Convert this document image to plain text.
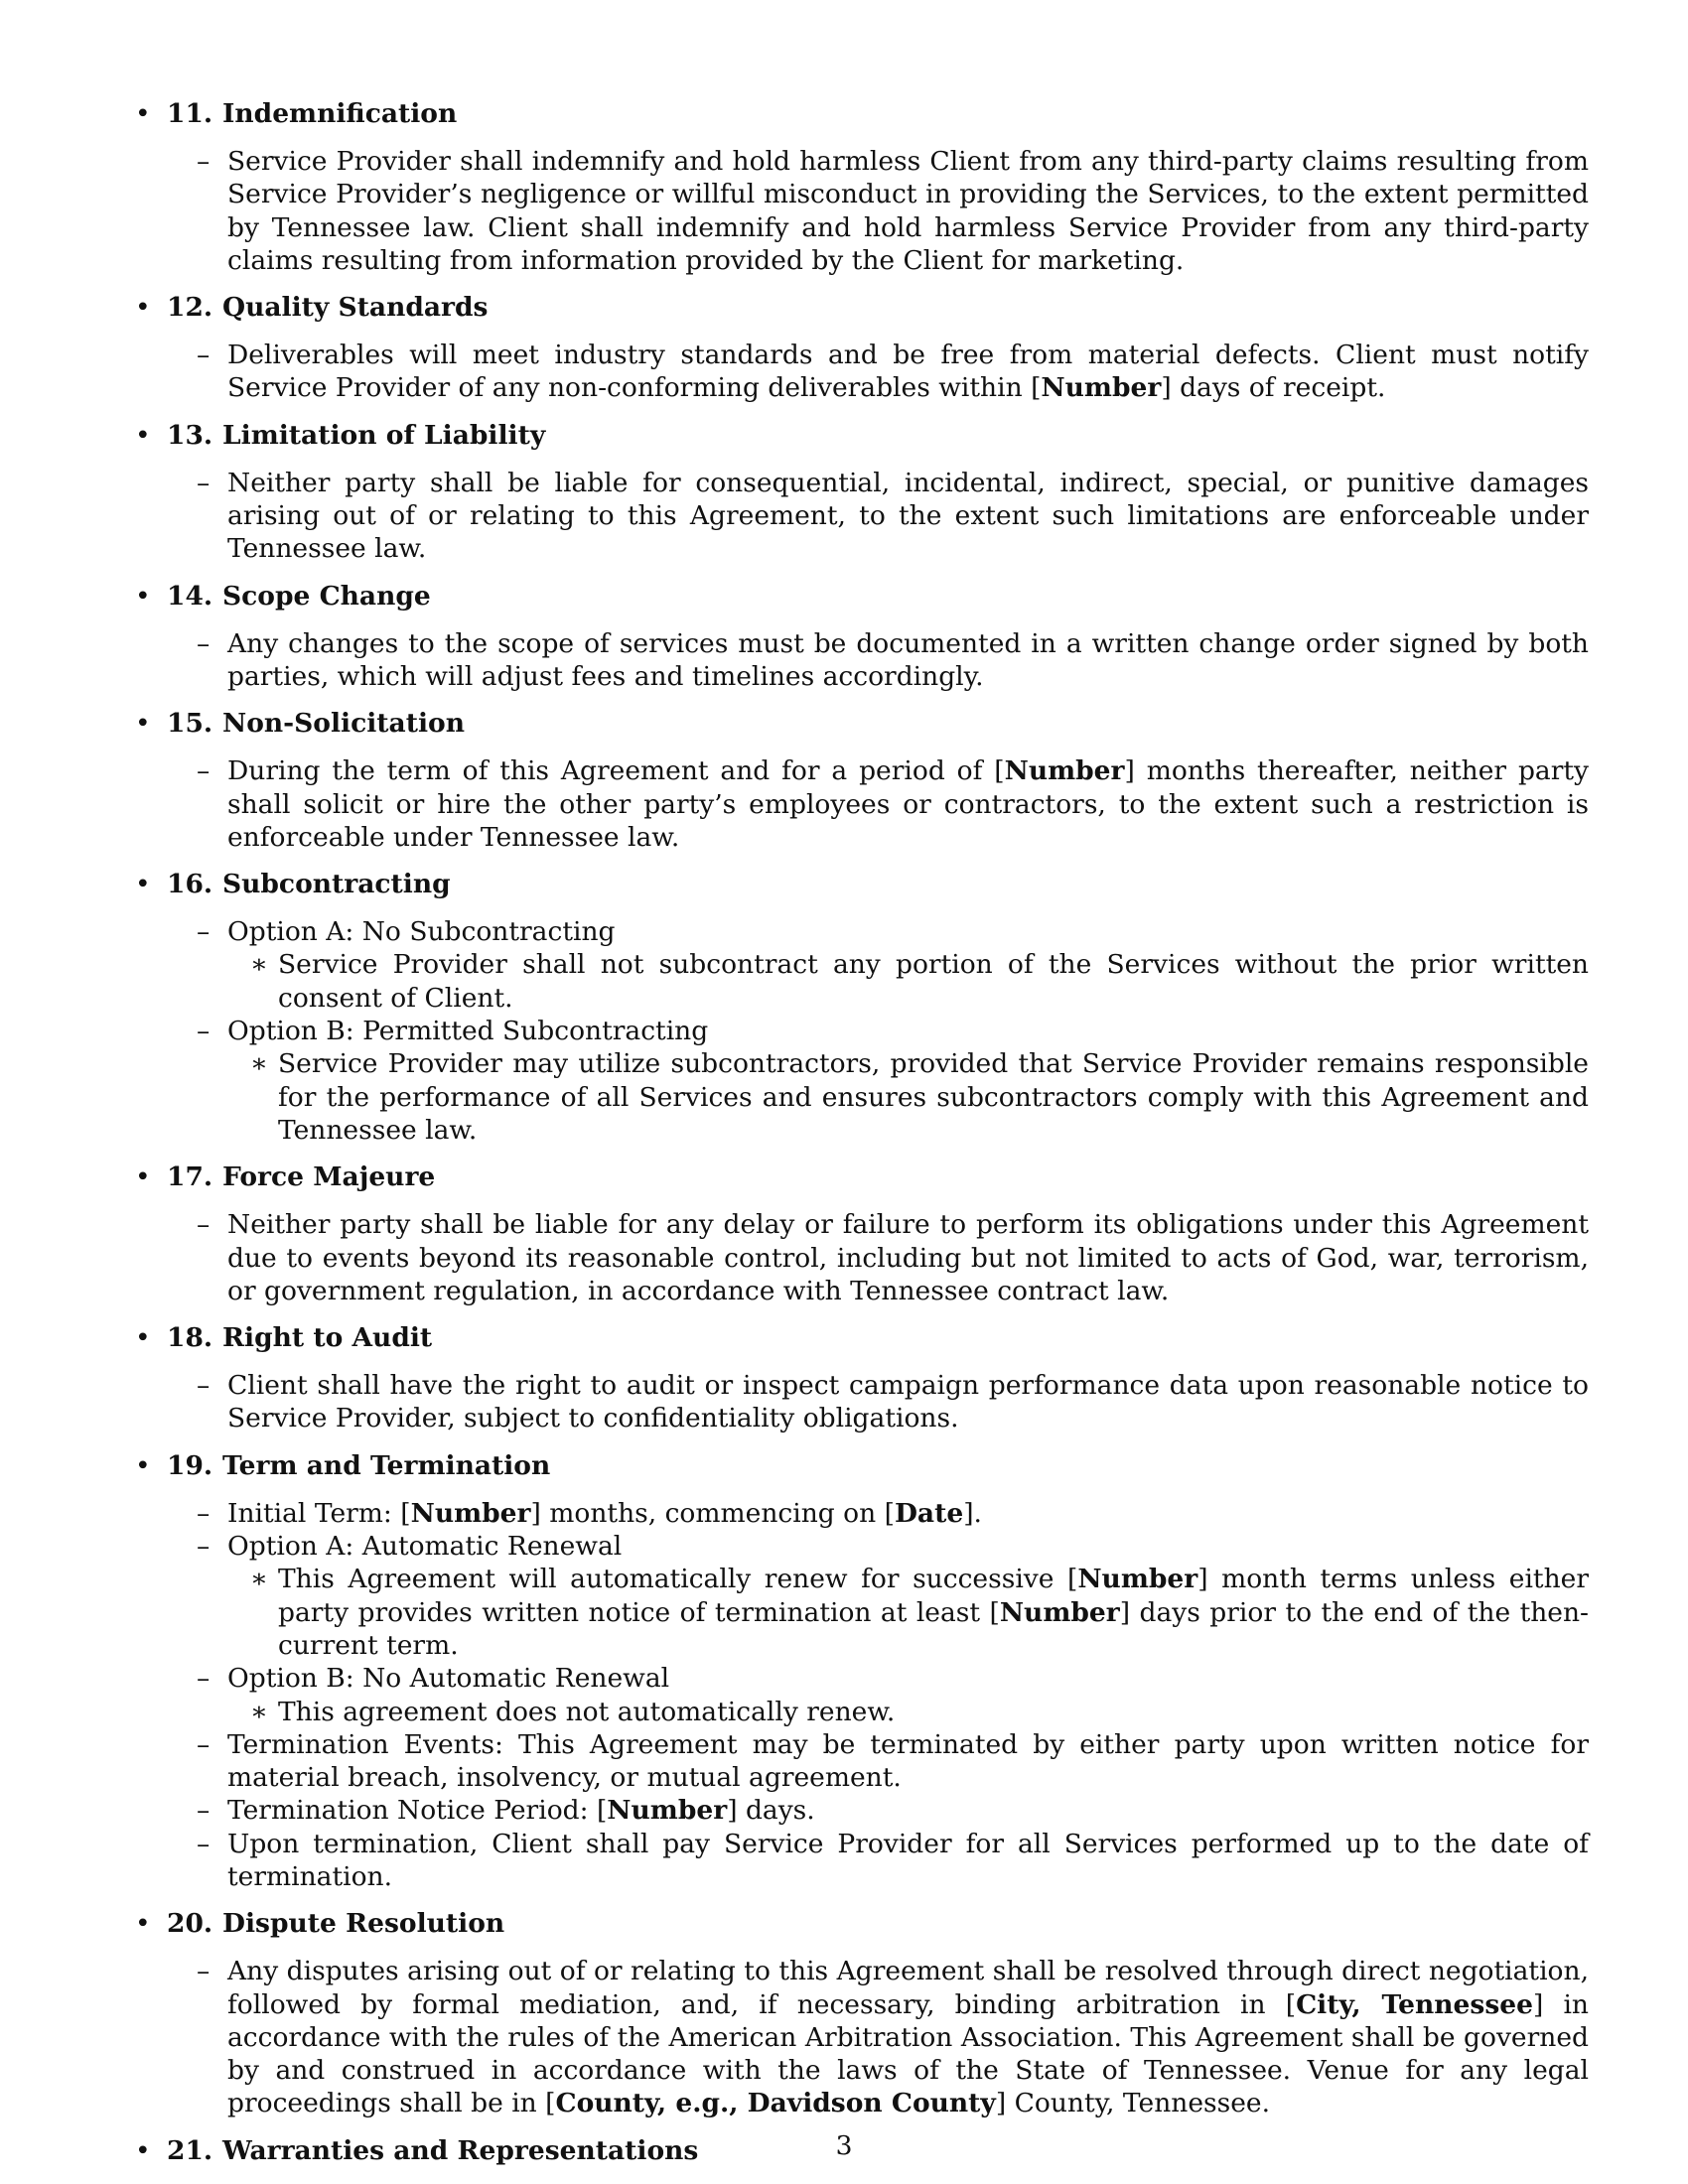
• 11. Indemnification
– Service Provider shall indemnify and hold harmless Client from any third-party claims resulting from Service Provider’s negligence or willful misconduct in providing the Services, to the extent permitted by Tennessee law. Client shall indemnify and hold harmless Service Provider from any third-party claims resulting from information provided by the Client for marketing.
• 12. Quality Standards
– Deliverables will meet industry standards and be free from material defects. Client must notify Service Provider of any non-conforming deliverables within [Number] days of receipt.
• 13. Limitation of Liability
– Neither party shall be liable for consequential, incidental, indirect, special, or punitive damages arising out of or relating to this Agreement, to the extent such limitations are enforceable under Tennessee law.
• 14. Scope Change
– Any changes to the scope of services must be documented in a written change order signed by both parties, which will adjust fees and timelines accordingly.
• 15. Non-Solicitation
– During the term of this Agreement and for a period of [Number] months thereafter, neither party shall solicit or hire the other party’s employees or contractors, to the extent such a restriction is enforceable under Tennessee law.
• 16. Subcontracting
– Option A: No Subcontracting
∗ Service Provider shall not subcontract any portion of the Services without the prior written consent of Client.
– Option B: Permitted Subcontracting
∗ Service Provider may utilize subcontractors, provided that Service Provider remains responsible for the performance of all Services and ensures subcontractors comply with this Agreement and Tennessee law.
• 17. Force Majeure
– Neither party shall be liable for any delay or failure to perform its obligations under this Agreement due to events beyond its reasonable control, including but not limited to acts of God, war, terrorism, or government regulation, in accordance with Tennessee contract law.
• 18. Right to Audit
– Client shall have the right to audit or inspect campaign performance data upon reasonable notice to Service Provider, subject to confidentiality obligations.
• 19. Term and Termination
– Initial Term: [Number] months, commencing on [Date].
– Option A: Automatic Renewal
∗ This Agreement will automatically renew for successive [Number] month terms unless either party provides written notice of termination at least [Number] days prior to the end of the then-current term.
– Option B: No Automatic Renewal
∗ This agreement does not automatically renew.
– Termination Events: This Agreement may be terminated by either party upon written notice for material breach, insolvency, or mutual agreement.
– Termination Notice Period: [Number] days.
– Upon termination, Client shall pay Service Provider for all Services performed up to the date of termination.
• 20. Dispute Resolution
– Any disputes arising out of or relating to this Agreement shall be resolved through direct negotiation, followed by formal mediation, and, if necessary, binding arbitration in [City, Tennessee] in accordance with the rules of the American Arbitration Association. This Agreement shall be governed by and construed in accordance with the laws of the State of Tennessee. Venue for any legal proceedings shall be in [County, e.g., Davidson County] County, Tennessee.
• 21. Warranties and Representations	3
